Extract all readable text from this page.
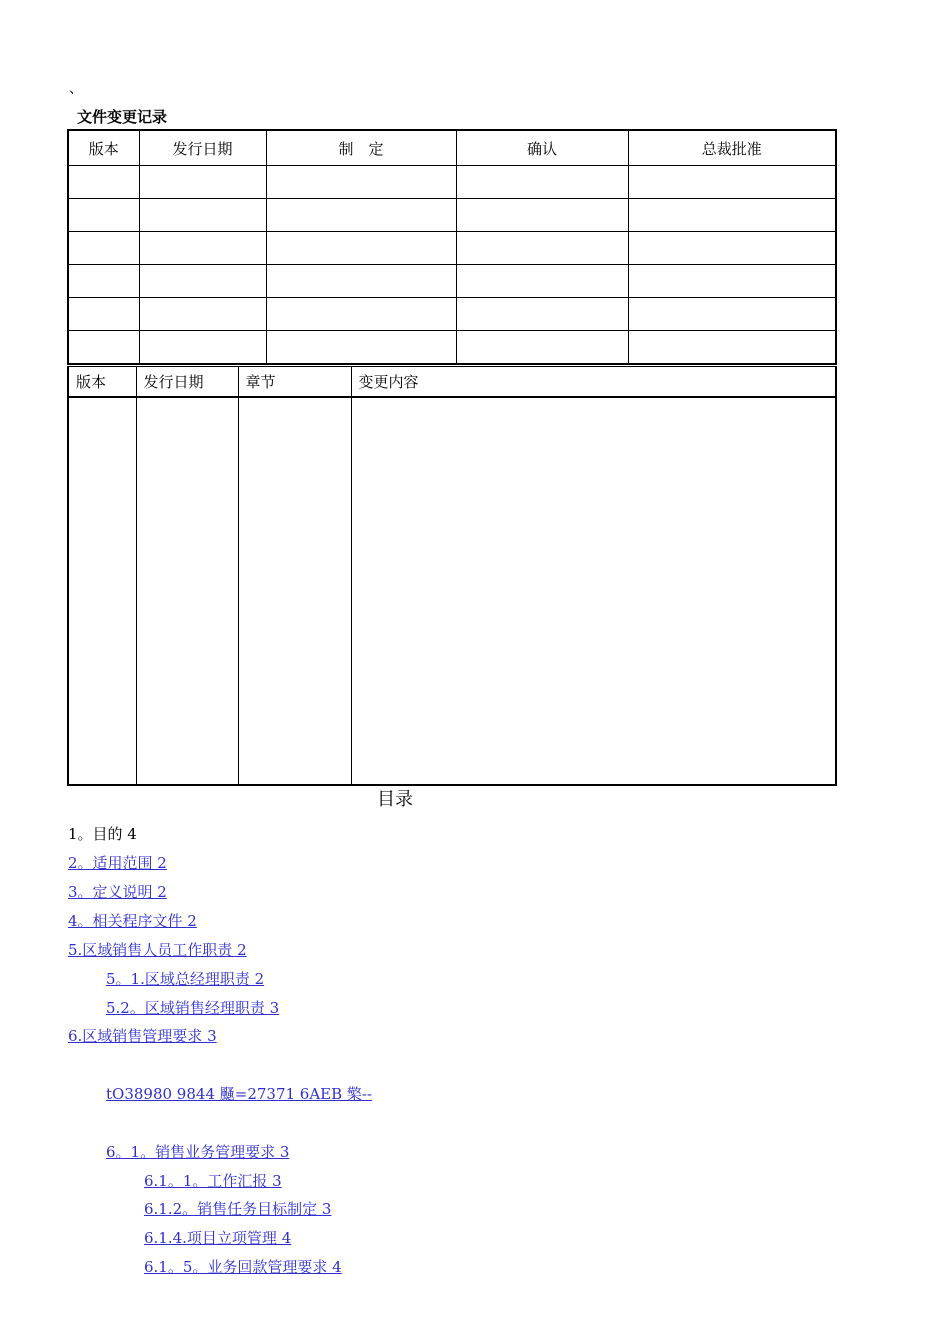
、
文件变更记录
版本	发行日期	制　定	确认	总裁批准

版本	发行日期	章节	变更内容

目录
1。目的 4
2。适用范围 2
3。定义说明 2
4。相关程序文件 2
5.区域销售人员工作职责 2
5。1.区域总经理职责 2
5.2。区域销售经理职责 3
6.区域销售管理要求 3
tO38980 9844 颾=27371 6AEB 檠‐‐
6。1。销售业务管理要求 3
6.1。1。工作汇报 3
6.1.2。销售任务目标制定 3
6.1.4.项目立项管理 4
6.1。5。业务回款管理要求 4
